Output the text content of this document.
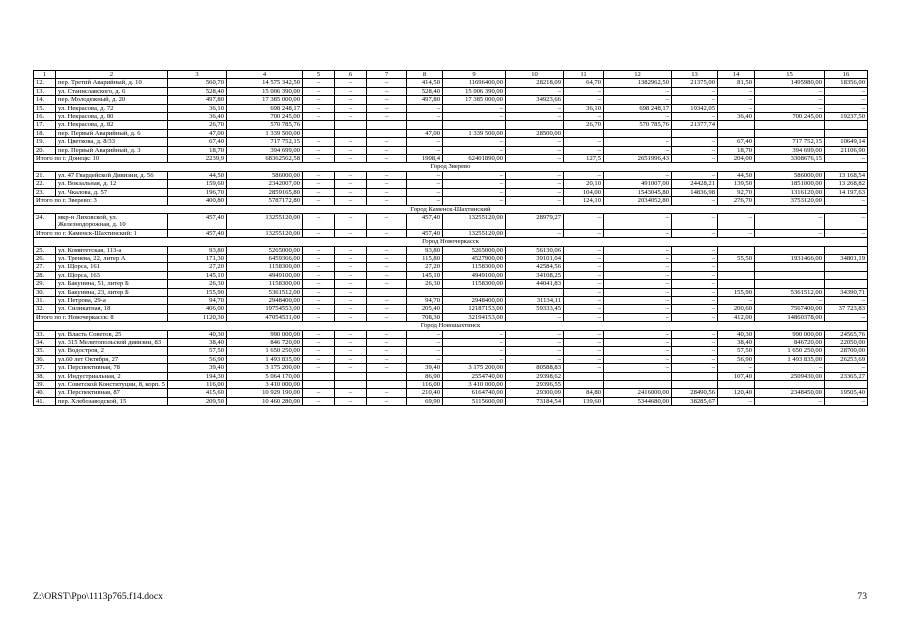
1	2	3	4	5	6	7	8	9	10	11	12	13	14	15	16
12.	пер. Третий Аварийный, д. 10	560,70	14 575 342,50	–	–	–	414,50	11696400,00	28218,09	64,70	1382962,50	21375,00	81,50	1495980,00	18356,00
13.	ул. Станиславского, д. 6	528,40	15 006 390,00	–	–	–	528,40	15 006 390,00	–	–	–	–	–	–	–
14.	пер. Молодежный, д. 20	497,80	17 385 000,00	–	–	–	497,80	17 385 000,00	34923,66	–	–	–	–	–	–
15.	ул. Некрасова, д. 72	36,10	698 248,17	–	–	–	–	–	–	36,10	698 248,17	19342,05	–	–	–
16.	ул. Некрасова, д. 80	36,40	700 245,00	–	–	–	–	–	–	–	–	–	36,40	700 245,00	19237,50
17.	ул. Некрасова, д. 82	26,70	570 785,76							26,70	570 785,76	21377,74			
18.	пер. Первый Аварийный, д. 6	47,00	1 339 500,00				47,00	1 339 500,00	28500,00						
19.	ул. Цветкова, д. 8/33	67,40	717 752,15	–	–	–	–	–	–	–	–	–	67,40	717 752,15	10649,14
20.	пер. Первый Аварийный, д. 3	18,70	394 699,00	–	–	–	–	–	–	–	–	–	18,70	394 699,00	21106,90
Итого по г. Донецк: 10		2239,9	68362562,58	–	–	–	1908,4	62401890,00	–	127,5	2651996,43	–	204,00	3308676,15	–
Город Зверево															
21.	ул. 47 Гвардейской Дивизии, д. 56	44,50	586000,00	–	–	–	–	–	–	–	–	–	44,50	586000,00	13 168,54
22.	ул. Вокзальная, д. 12	159,60	2342007,00	–	–	–	–	–	–	20,10	491007,00	24428,21	139,50	1851000,00	13 268,82
23.	ул. Чкалова, д. 57	196,70	2859165,80	–	–	–	–	–	–	104,00	1543045,80	14836,98	92,70	1316120,00	14 197,63
Итого по г. Зверево: 3		400,80	5787172,80	–	–	–	–	–	–	124,10	2034052,80	–	276,70	3753120,00	–
Город Каменск-Шахтинский															
24.	мкр-н Лиховской, ул. Железнодорожная, д. 10	457,40	13255120,00	–	–	–	457,40	13255120,00	28979,27	–	–	–	–	–	–
Итого по г. Каменск-Шахтинский: 1		457,40	13255120,00	–	–	–	457,40	13255120,00	–	–	–	–	–	–	–
Город Новочеркасск															
25.	ул. Комитетская, 113-а	93,80	5265000,00	–	–	–	93,80	5265000,00	56130,06	–	–	–			
26.	ул. Тренева, 22, литер А	171,30	6459366,00	–	–	–	115,80	4527900,00	39101,04	–	–	–	55,50	1931466,00	34801,19
27.	ул. Щорса, 161	27,20	1158300,00	–	–	–	27,20	1158300,00	42584,56	–	–	–			
28.	ул. Щорса, 163	145,10	4949100,00	–	–	–	145,10	4949100,00	34108,25	–	–	–			
29.	ул. Бакунина, 51, литер Б	26,30	1158300,00	–	–	–	26,30	1158300,00	44041,83	–	–	–			
30.	ул. Бакунина, 23, литер Б	155,90	5361512,00	–	–					–	–	–	155,90	5361512,00	34390,71
31.	ул. Петрова, 29-а	94,70	2948400,00	–	–	–	94,70	2948400,00	31134,11	–	–	–	–	–	–
32.	ул. Силикатная, 18	406,00	19754553,00	–	–	–	205,40	12187153,00	59333,45	–	–	–	200,60	7567400,00	37 723,83
Итого по г. Новочеркасск: 8		1120,30	47054531,00	–	–	–	708,30	32194153,00	–	–	–	–	412,00	14860378,00	–
Город Новошахтинск															
33.	ул. Власть Советов, 25	40,30	990 000,00	–	–	–	–	–	–	–	–	–	40,30	990 000,00	24565,76
34.	ул. 315 Мелитопольской дивизии, 83	38,40	846 720,00	–	–	–	–	–	–	–	–	–	38,40	846720,00	22050,00
35.	ул. Водостроя, 2	57,50	1 650 250,00	–	–	–	–	–	–	–	–	–	57,50	1 650 250,00	28700,00
36.	ул.60 лет Октября, 27	56,90	1 493 835,00	–	–	–	–	–	–	–	–	–	56,90	1 493 835,00	26253,69
37.	ул. Перспективная, 78	39,40	3 175 200,00	–	–	–	39,40	3 175 200,00	80588,83	–	–	–	–	–	–
38.	ул. Индустриальная, 2	194,30	5 064 170,00				86,90	2554740,00	29398,62				107,40	2509430,00	23365,27
39.	ул. Советской Конституции, 8, корп. 5	116,00	3 410 000,00				116,00	3 410 000,00	29396,55						
40.	ул. Перспективная, 87	415,60	10 929 190,00	–	–	–	210,40	6164740,00	29300,09	84,80	2416000,00	28490,56	120,40	2348450,00	19505,40
41.	пер. Хлебозаводской, 15	209,50	10 460 280,00	–	–	–	69,90	5115600,00	73184,54	139,60	5344680,00	38285,67	–	–	–
Z:\ORST\Ppo\1113p765.f14.docx	73
